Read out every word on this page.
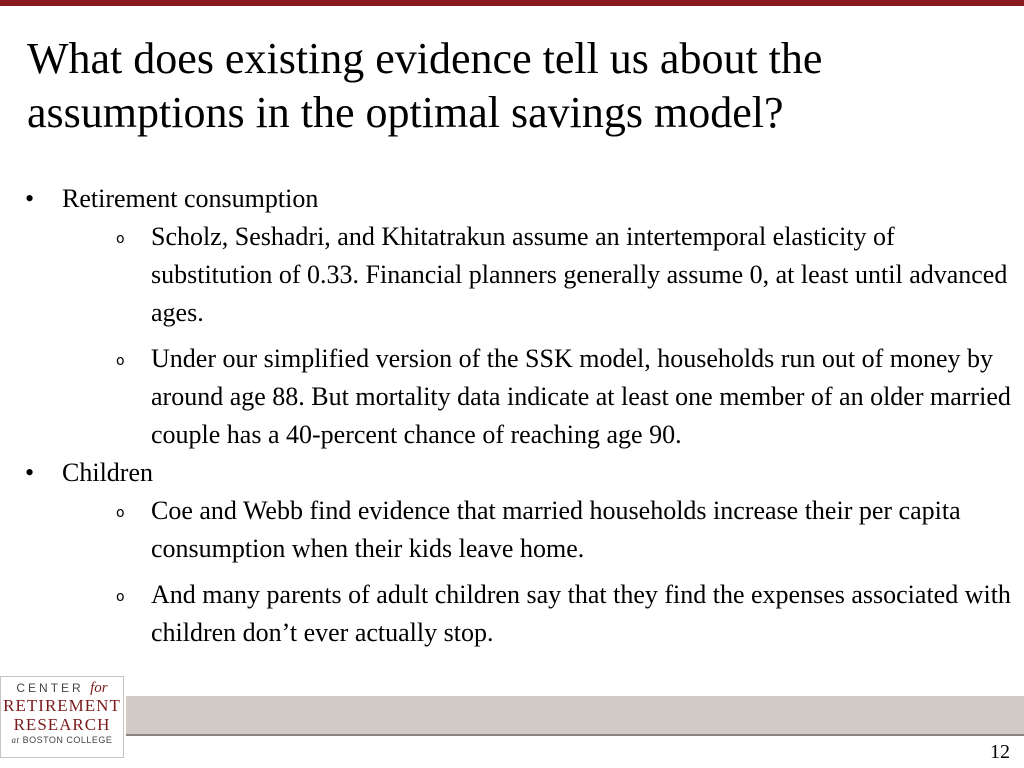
What does existing evidence tell us about the assumptions in the optimal savings model?
• Retirement consumption
o Scholz, Seshadri, and Khitatrakun assume an intertemporal elasticity of substitution of 0.33. Financial planners generally assume 0, at least until advanced ages.
o Under our simplified version of the SSK model, households run out of money by around age 88. But mortality data indicate at least one member of an older married couple has a 40-percent chance of reaching age 90.
• Children
o Coe and Webb find evidence that married households increase their per capita consumption when their kids leave home.
o And many parents of adult children say that they find the expenses associated with children don’t ever actually stop.
CENTER for
RETIREMENT
RESEARCH
at BOSTON COLLEGE
12
